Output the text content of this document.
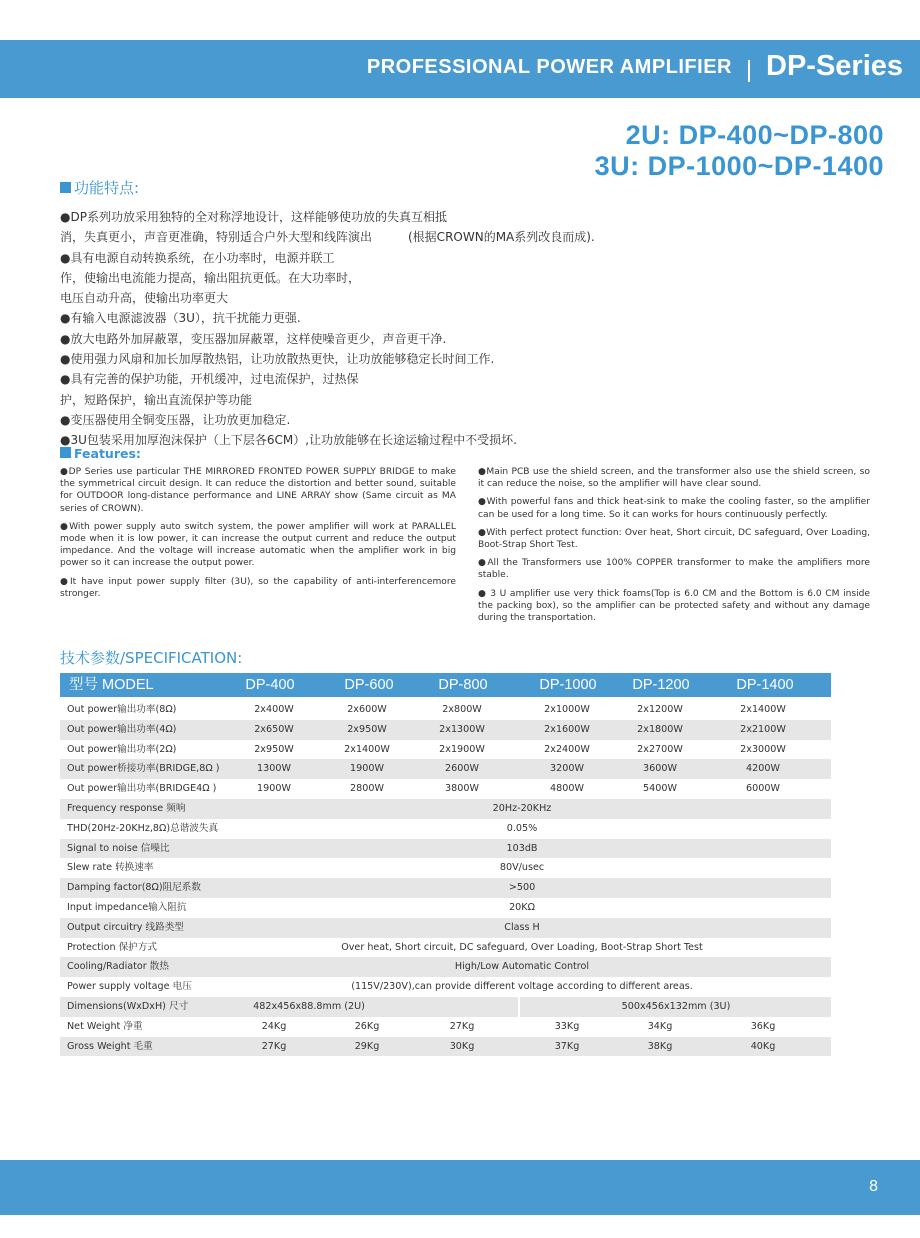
PROFESSIONAL POWER AMPLIFIER DP-Series
2U: DP-400~DP-800
3U: DP-1000~DP-1400
功能特点:
●DP系列功放采用独特的全对称浮地设计，这样能够使功放的失真互相抵
消，失真更小，声音更准确，特别适合户外大型和线阵演出　　　(根据CROWN的MA系列改良而成).
●具有电源自动转换系统，在小功率时，电源并联工
作，使输出电流能力提高，输出阻抗更低。在大功率时，
电压自动升高，使输出功率更大
●有输入电源滤波器（3U），抗干扰能力更强.
●放大电路外加屏蔽罩，变压器加屏蔽罩，这样使噪音更少，声音更干净.
●使用强力风扇和加长加厚散热铝，让功放散热更快，让功放能够稳定长时间工作.
●具有完善的保护功能，开机缓冲，过电流保护，过热保
护，短路保护，输出直流保护等功能
●变压器使用全铜变压器，让功放更加稳定.
●3U包装采用加厚泡沫保护（上下层各6CM）,让功放能够在长途运输过程中不受损坏.
Features:

●DP Series use particular THE MIRRORED FRONTED POWER SUPPLY BRIDGE to make the symmetrical circuit design. It can reduce the distortion and better sound, suitable for OUTDOOR long-distance performance and LINE ARRAY show (Same circuit as MA series of CROWN).

●With power supply auto switch system, the power amplifier will work at PARALLEL mode when it is low power, it can increase the output current and reduce the output impedance. And the voltage will increase automatic when the amplifier work in big power so it can increase the output power.

●It have input power supply filter (3U), so the capability of anti-interferencemore stronger.

●Main PCB use the shield screen, and the transformer also use the shield screen, so it can reduce the noise, so the amplifier will have clear sound.

●With powerful fans and thick heat-sink to make the cooling faster, so the amplifier can be used for a long time. So it can works for hours continuously perfectly.

●With perfect protect function: Over heat, Short circuit, DC safeguard, Over Loading, Boot-Strap Short Test.

●All the Transformers use 100% COPPER transformer to make the amplifiers more stable.

● 3 U amplifier use very thick foams(Top is 6.0 CM and the Bottom is 6.0 CM inside the packing box), so the amplifier can be protected safety and without any damage during the transportation.

技术参数/SPECIFICATION:
型号 MODEL	DP-400	DP-600	DP-800	DP-1000 DP-1200	DP-1400
Out power输出功率(8Ω)	2x400W	2x600W	2x800W	2x1000W	2x1200W	2x1400W
Out power输出功率(4Ω)	2x650W	2x950W	2x1300W	2x1600W	2x1800W	2x2100W
Out power输出功率(2Ω)	2x950W	2x1400W	2x1900W	2x2400W	2x2700W	2x3000W
Out power桥接功率(BRIDGE,8Ω )	1300W	1900W	2600W	3200W	3600W	4200W
Out power输出功率(BRIDGE4Ω )	1900W	2800W	3800W	4800W	5400W	6000W
Frequency response 频响	20Hz-20KHz
THD(20Hz-20KHz,8Ω)总谐波失真	0.05%
Signal to noise 信噪比	103dB
Slew rate 转换速率	80V/usec
Damping factor(8Ω)阻尼系数	>500
Input impedance输入阻抗	20KΩ
Output circuitry 线路类型	Class H
Protection 保护方式	Over heat, Short circuit, DC safeguard, Over Loading, Boot-Strap Short Test
Cooling/Radiator 散热	High/Low Automatic Control
Power supply voltage 电压	(115V/230V),can provide different voltage according to different areas.
Dimensions(WxDxH) 尺寸	482x456x88.8mm (2U)	500x456x132mm (3U)
Net Weight 净重	24Kg	26Kg	27Kg	33Kg	34Kg	36Kg
Gross Weight 毛重	27Kg	29Kg	30Kg	37Kg	38Kg	40Kg
8
